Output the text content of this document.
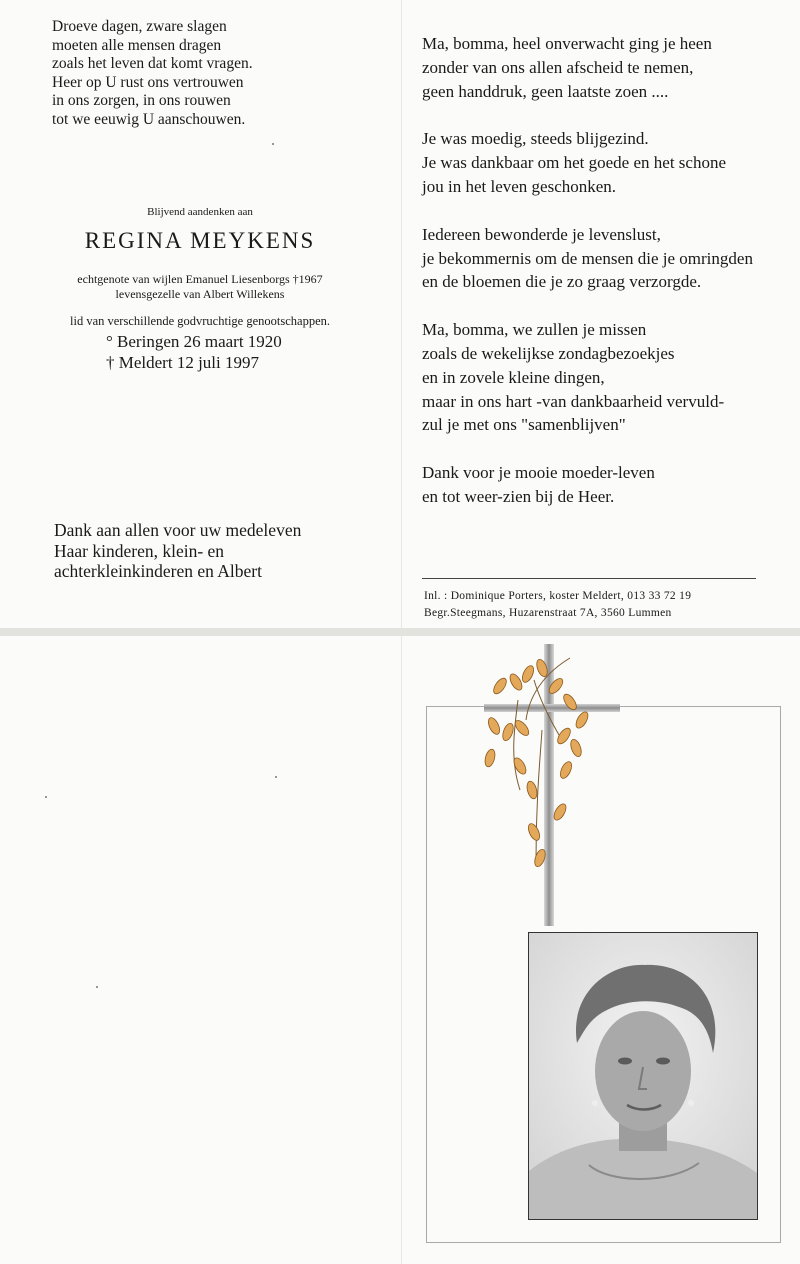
Droeve dagen, zware slagen
moeten alle mensen dragen
zoals het leven dat komt vragen.
Heer op U rust ons vertrouwen
in ons zorgen, in ons rouwen
tot we eeuwig U aanschouwen.
Blijvend aandenken aan
REGINA MEYKENS
echtgenote van wijlen Emanuel Liesenborgs †1967
levensgezelle van Albert Willekens
lid van verschillende godvruchtige genootschappen.
° Beringen 26 maart 1920
† Meldert 12 juli 1997
Dank aan allen voor uw medeleven
Haar kinderen, klein- en
achterkleinkinderen en Albert
Ma, bomma, heel onverwacht ging je heen
zonder van ons allen afscheid te nemen,
geen handdruk, geen laatste zoen ....
Je was moedig, steeds blijgezind.
Je was dankbaar om het goede en het schone
jou in het leven geschonken.
Iedereen bewonderde je levenslust,
je bekommernis om de mensen die je omringden
en de bloemen die je zo graag verzorgde.
Ma, bomma, we zullen je missen
zoals de wekelijkse zondagbezoekjes
en in zovele kleine dingen,
maar in ons hart -van dankbaarheid vervuld-
zul je met ons "samenblijven"
Dank voor je mooie moeder-leven
en tot weer-zien bij de Heer.
Inl. : Dominique Porters, koster Meldert, 013 33 72 19
Begr.Steegmans, Huzarenstraat 7A, 3560 Lummen
